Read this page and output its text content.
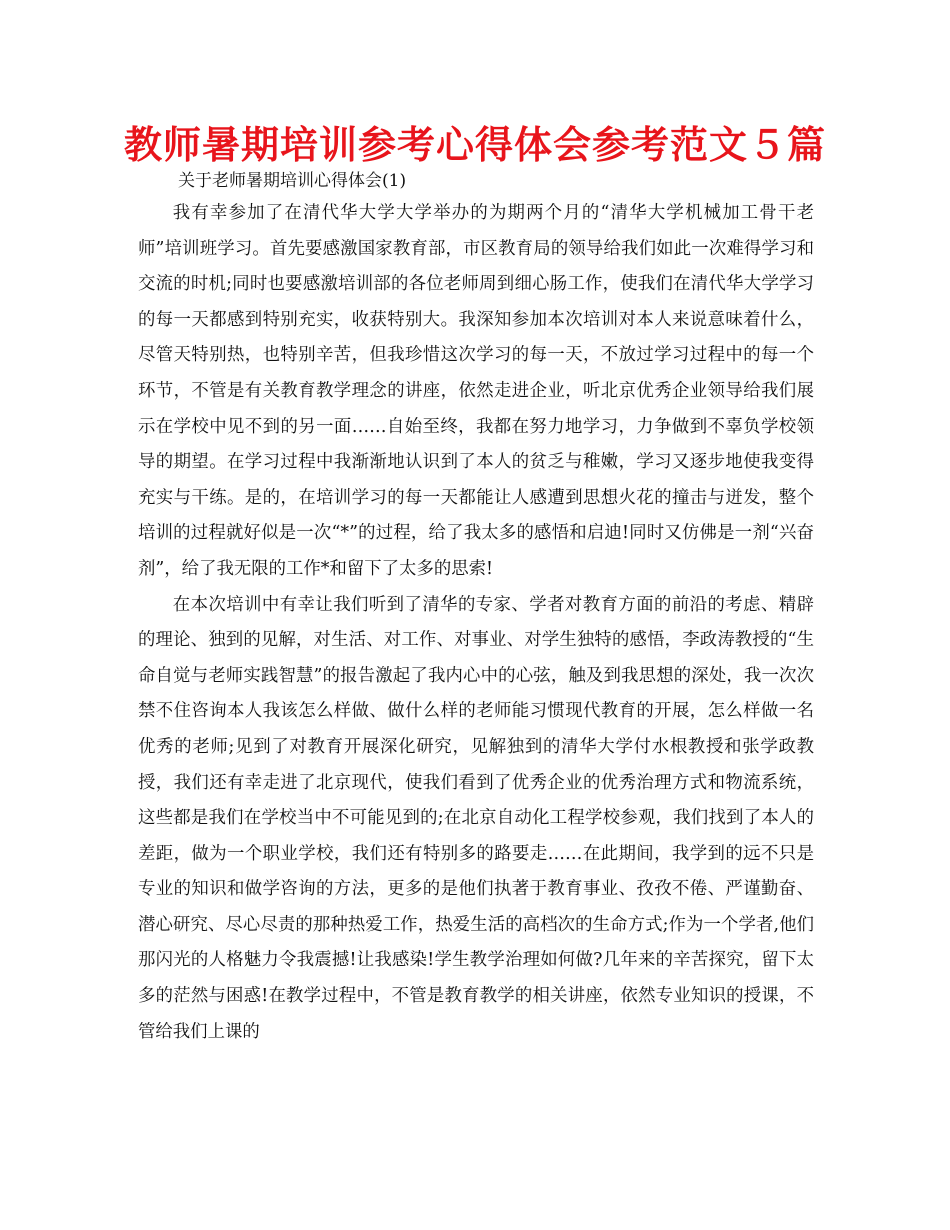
教师暑期培训参考心得体会参考范文５篇
关于老师暑期培训心得体会(1)

我有幸参加了在清代华大学大学举办的为期两个月的“清华大学机械加工骨干老师”培训班学习。首先要感激国家教育部，市区教育局的领导给我们如此一次难得学习和交流的时机;同时也要感激培训部的各位老师周到细心肠工作，使我们在清代华大学学习的每一天都感到特别充实，收获特别大。我深知参加本次培训对本人来说意味着什么，尽管天特别热，也特别辛苦，但我珍惜这次学习的每一天，不放过学习过程中的每一个环节，不管是有关教育教学理念的讲座，依然走进企业，听北京优秀企业领导给我们展示在学校中见不到的另一面……自始至终，我都在努力地学习，力争做到不辜负学校领导的期望。在学习过程中我渐渐地认识到了本人的贫乏与稚嫩，学习又逐步地使我变得充实与干练。是的，在培训学习的每一天都能让人感遭到思想火花的撞击与迸发，整个培训的过程就好似是一次“*”的过程，给了我太多的感悟和启迪!同时又仿佛是一剂“兴奋剂”，给了我无限的工作*和留下了太多的思索!

在本次培训中有幸让我们听到了清华的专家、学者对教育方面的前沿的考虑、精辟的理论、独到的见解，对生活、对工作、对事业、对学生独特的感悟，李政涛教授的“生命自觉与老师实践智慧”的报告激起了我内心中的心弦，触及到我思想的深处，我一次次禁不住咨询本人我该怎么样做、做什么样的老师能习惯现代教育的开展，怎么样做一名优秀的老师;见到了对教育开展深化研究，见解独到的清华大学付水根教授和张学政教授，我们还有幸走进了北京现代，使我们看到了优秀企业的优秀治理方式和物流系统，这些都是我们在学校当中不可能见到的;在北京自动化工程学校参观，我们找到了本人的差距，做为一个职业学校，我们还有特别多的路要走……在此期间，我学到的远不只是专业的知识和做学咨询的方法，更多的是他们执著于教育事业、孜孜不倦、严谨勤奋、潜心研究、尽心尽责的那种热爱工作，热爱生活的高档次的生命方式;作为一个学者,他们那闪光的人格魅力令我震撼!让我感染!学生教学治理如何做?几年来的辛苦探究，留下太多的茫然与困惑!在教学过程中，不管是教育教学的相关讲座，依然专业知识的授课，不管给我们上课的
